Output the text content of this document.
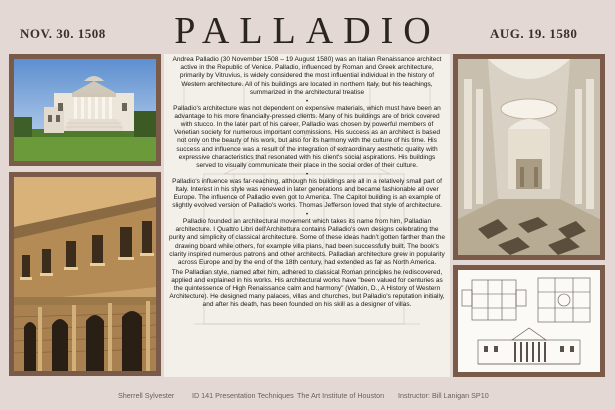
NOV. 30. 1508 PALLADIO	AUG. 19. 1580

Andrea Palladio (30 November 1508 – 19 August 1580) was an Italian Renaissance architect active in the Republic of Venice. Palladio, influenced by Roman and Greek architecture, primarily by Vitruvius, is widely considered the most influential individual in the history of Western architecture. All of his buildings are located in northern Italy, but his teachings, summarized in the architectural treatise

•

Palladio's architecture was not dependent on expensive materials, which must have been an advantage to his more financially-pressed clients. Many of his buildings are of brick covered with stucco. In the later part of his career, Palladio was chosen by powerful members of Venetian society for numerous important commissions. His success as an architect is based not only on the beauty of his work, but also for its harmony with the culture of his time. His success and influence was a result of the integration of extraordinary aesthetic quality with expressive characteristics that resonated with his client's social aspirations. His buildings served to visually communicate their place in the social order of their culture.

•

Palladio's influence was far-reaching, although his buildings are all in a relatively small part of Italy. Interest in his style was renewed in later generations and became fashionable all over Europe. The influence of Palladio even got to America. The Capitol building is an example of slightly evolved version of Palladio's works. Thomas Jefferson loved that style of architecture.

•

Palladio founded an architectural movement which takes its name from him, Palladian architecture. I Quattro Libri dell'Architettura contains Palladio's own designs celebrating the purity and simplicity of classical architecture. Some of these ideas hadn't gotten farther than the drawing board while others, for example villa plans, had been successfully built. The book's clarity inspired numerous patrons and other architects. Palladian architecture grew in popularity across Europe and by the end of the 18th century, had extended as far as North America.

The Palladian style, named after him, adhered to classical Roman principles he rediscovered, applied and explained in his works. His architectural works have "been valued for centuries as the quintessence of High Renaissance calm and harmony" (Watkin, D., A History of Western Architecture). He designed many palaces, villas and churches, but Palladio's reputation initially, and after his death, has been founded on his skill as a designer of villas.

Sherrell Sylvester ID 141 Presentation Techniques The Art Institute of Houston Instructor: Bill Lanigan SP10
